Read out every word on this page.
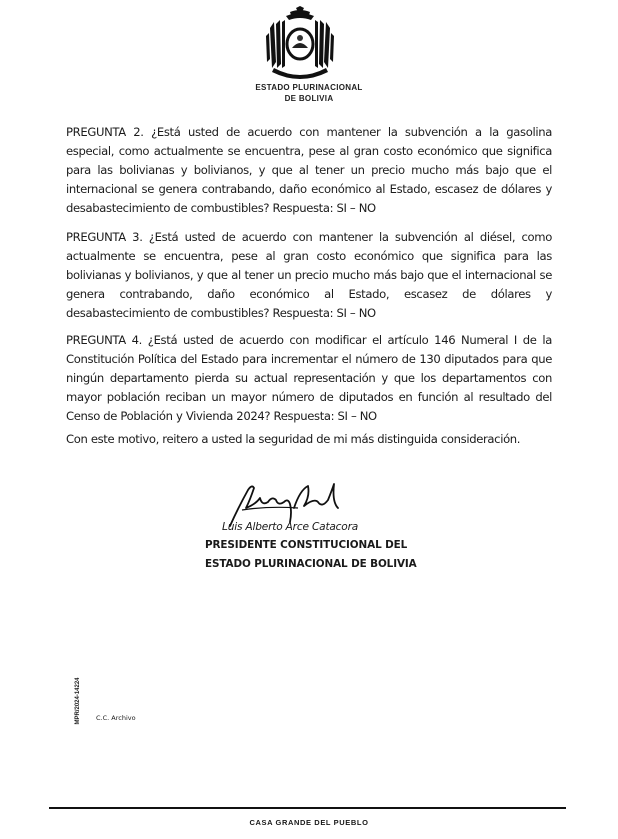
ESTADO PLURINACIONAL
DE BOLIVIA
PREGUNTA 2. ¿Está usted de acuerdo con mantener la subvención a la gasolina especial, como actualmente se encuentra, pese al gran costo económico que significa para las bolivianas y bolivianos, y que al tener un precio mucho más bajo que el internacional se genera contrabando, daño económico al Estado, escasez de dólares y desabastecimiento de combustibles? Respuesta: SI – NO
PREGUNTA 3. ¿Está usted de acuerdo con mantener la subvención al diésel, como actualmente se encuentra, pese al gran costo económico que significa para las bolivianas y bolivianos, y que al tener un precio mucho más bajo que el internacional se genera contrabando, daño económico al Estado, escasez de dólares y desabastecimiento de combustibles? Respuesta: SI – NO
PREGUNTA 4. ¿Está usted de acuerdo con modificar el artículo 146 Numeral I de la Constitución Política del Estado para incrementar el número de 130 diputados para que ningún departamento pierda su actual representación y que los departamentos con mayor población reciban un mayor número de diputados en función al resultado del Censo de Población y Vivienda 2024? Respuesta: SI – NO
Con este motivo, reitero a usted la seguridad de mi más distinguida consideración.
Luis Alberto Arce Catacora
PRESIDENTE CONSTITUCIONAL DEL
ESTADO PLURINACIONAL DE BOLIVIA
MPR/2024-14224	C.C. Archivo
CASA GRANDE DEL PUEBLO
